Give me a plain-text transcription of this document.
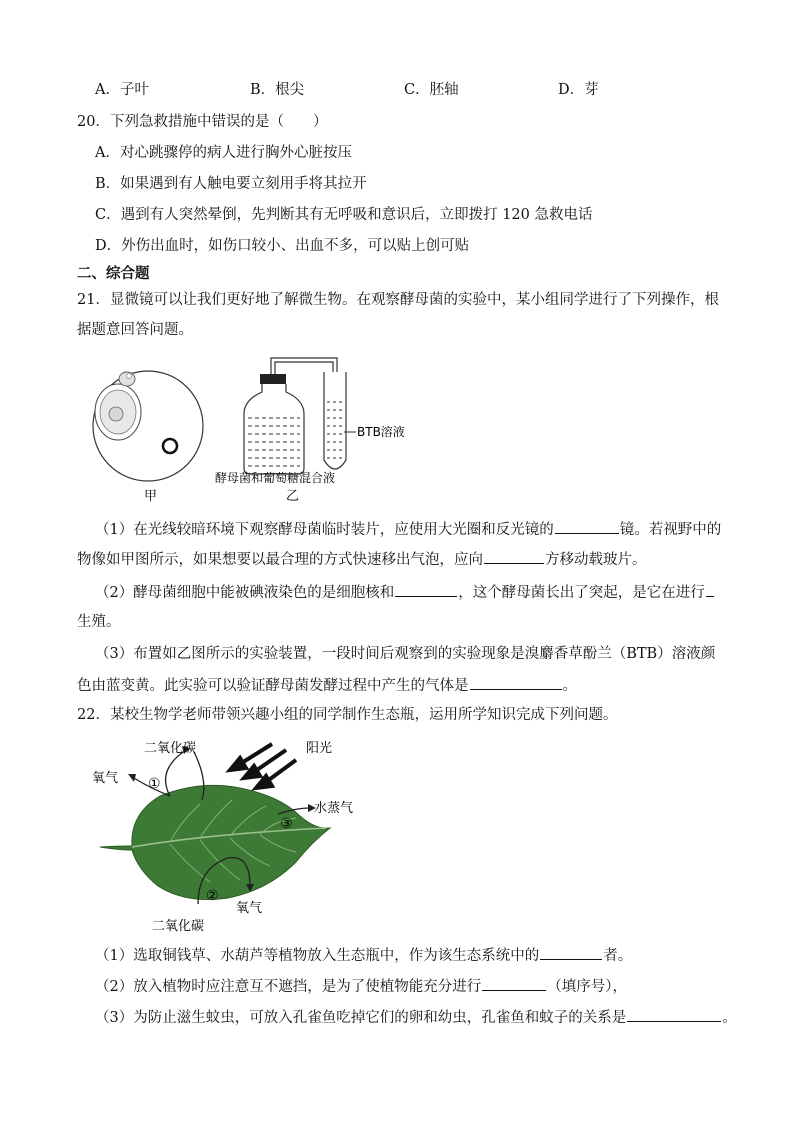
A．子叶	B．根尖	C．胚轴	D．芽
20．下列急救措施中错误的是（　　）
A．对心跳骤停的病人进行胸外心脏按压
B．如果遇到有人触电要立刻用手将其拉开
C．遇到有人突然晕倒，先判断其有无呼吸和意识后，立即拨打 120 急救电话
D．外伤出血时，如伤口较小、出血不多，可以贴上创可贴
二、综合题
21．显微镜可以让我们更好地了解微生物。在观察酵母菌的实验中，某小组同学进行了下列操作，根
据题意回答问题。
甲
BTB溶液
酵母菌和葡萄糖混合液
乙
（1）在光线较暗环境下观察酵母菌临时装片，应使用大光圈和反光镜的	镜。若视野中的
物像如甲图所示，如果想要以最合理的方式快速移出气泡，应向	方移动载玻片。
（2）酵母菌细胞中能被碘液染色的是细胞核和	，这个酵母菌长出了突起，是它在进行
生殖。
（3）布置如乙图所示的实验装置，一段时间后观察到的实验现象是溴麝香草酚兰（BTB）溶液颜
色由蓝变黄。此实验可以验证酵母菌发酵过程中产生的气体是	。
22．某校生物学老师带领兴趣小组的同学制作生态瓶，运用所学知识完成下列问题。
二氧化碳	阳光
氧气 ①
水蒸气
③
②
氧气
二氧化碳
（1）选取铜钱草、水葫芦等植物放入生态瓶中，作为该生态系统中的	者。
（2）放入植物时应注意互不遮挡，是为了使植物能充分进行	（填序号），
（3）为防止滋生蚊虫，可放入孔雀鱼吃掉它们的卵和幼虫，孔雀鱼和蚊子的关系是	。
